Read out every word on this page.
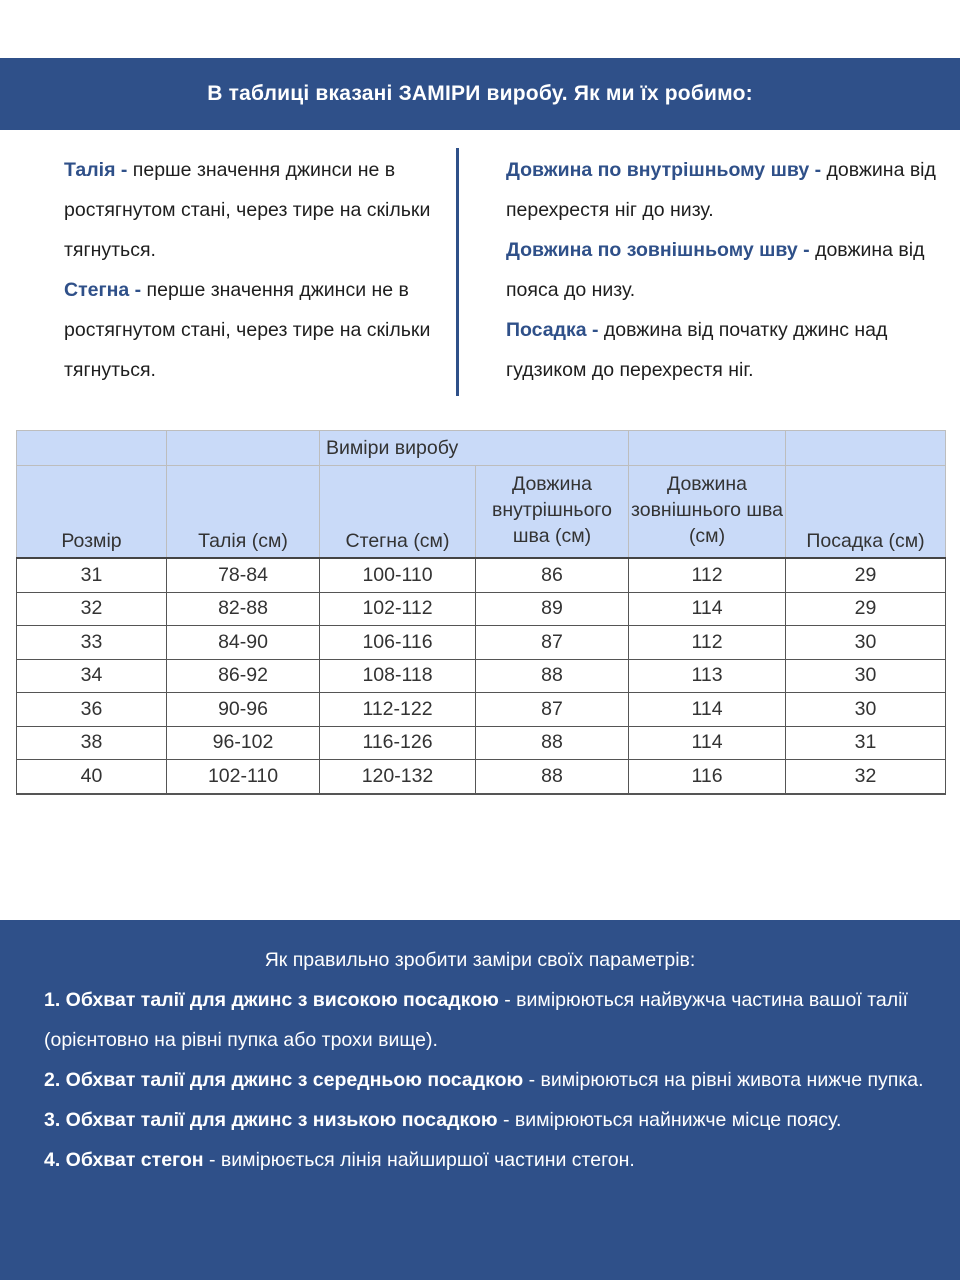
В таблиці вказані ЗАМІРИ виробу. Як ми їх робимо:

Талія - перше значення джинси не в ростягнутом стані, через тире на скільки тягнуться.

Стегна - перше значення джинси не в ростягнутом стані, через тире на скільки тягнуться.

Довжина по внутрішньому шву - довжина від перехрестя ніг до низу.

Довжина по зовнішньому шву - довжина від пояса до низу.

Посадка - довжина від початку джинс над гудзиком до перехрестя ніг.

		Виміри виробу			
Розмір	Талія (см)	Стегна (см)	Довжина внутрішнього шва (см)	Довжина зовнішнього шва (см)	Посадка (см)
31	78-84	100-110	86	112	29
32	82-88	102-112	89	114	29
33	84-90	106-116	87	112	30
34	86-92	108-118	88	113	30
36	90-96	112-122	87	114	30
38	96-102	116-126	88	114	31
40	102-110	120-132	88	116	32
Як правильно зробити заміри своїх параметрів:

1. Обхват талії для джинс з високою посадкою - вимірюються найвужча частина вашої талії (орієнтовно на рівні пупка або трохи вище).

2. Обхват талії для джинс з середньою посадкою - вимірюються на рівні живота нижче пупка.

3. Обхват талії для джинс з низькою посадкою - вимірюються найнижче місце поясу.

4. Обхват стегон - вимірюється лінія найширшої частини стегон.
